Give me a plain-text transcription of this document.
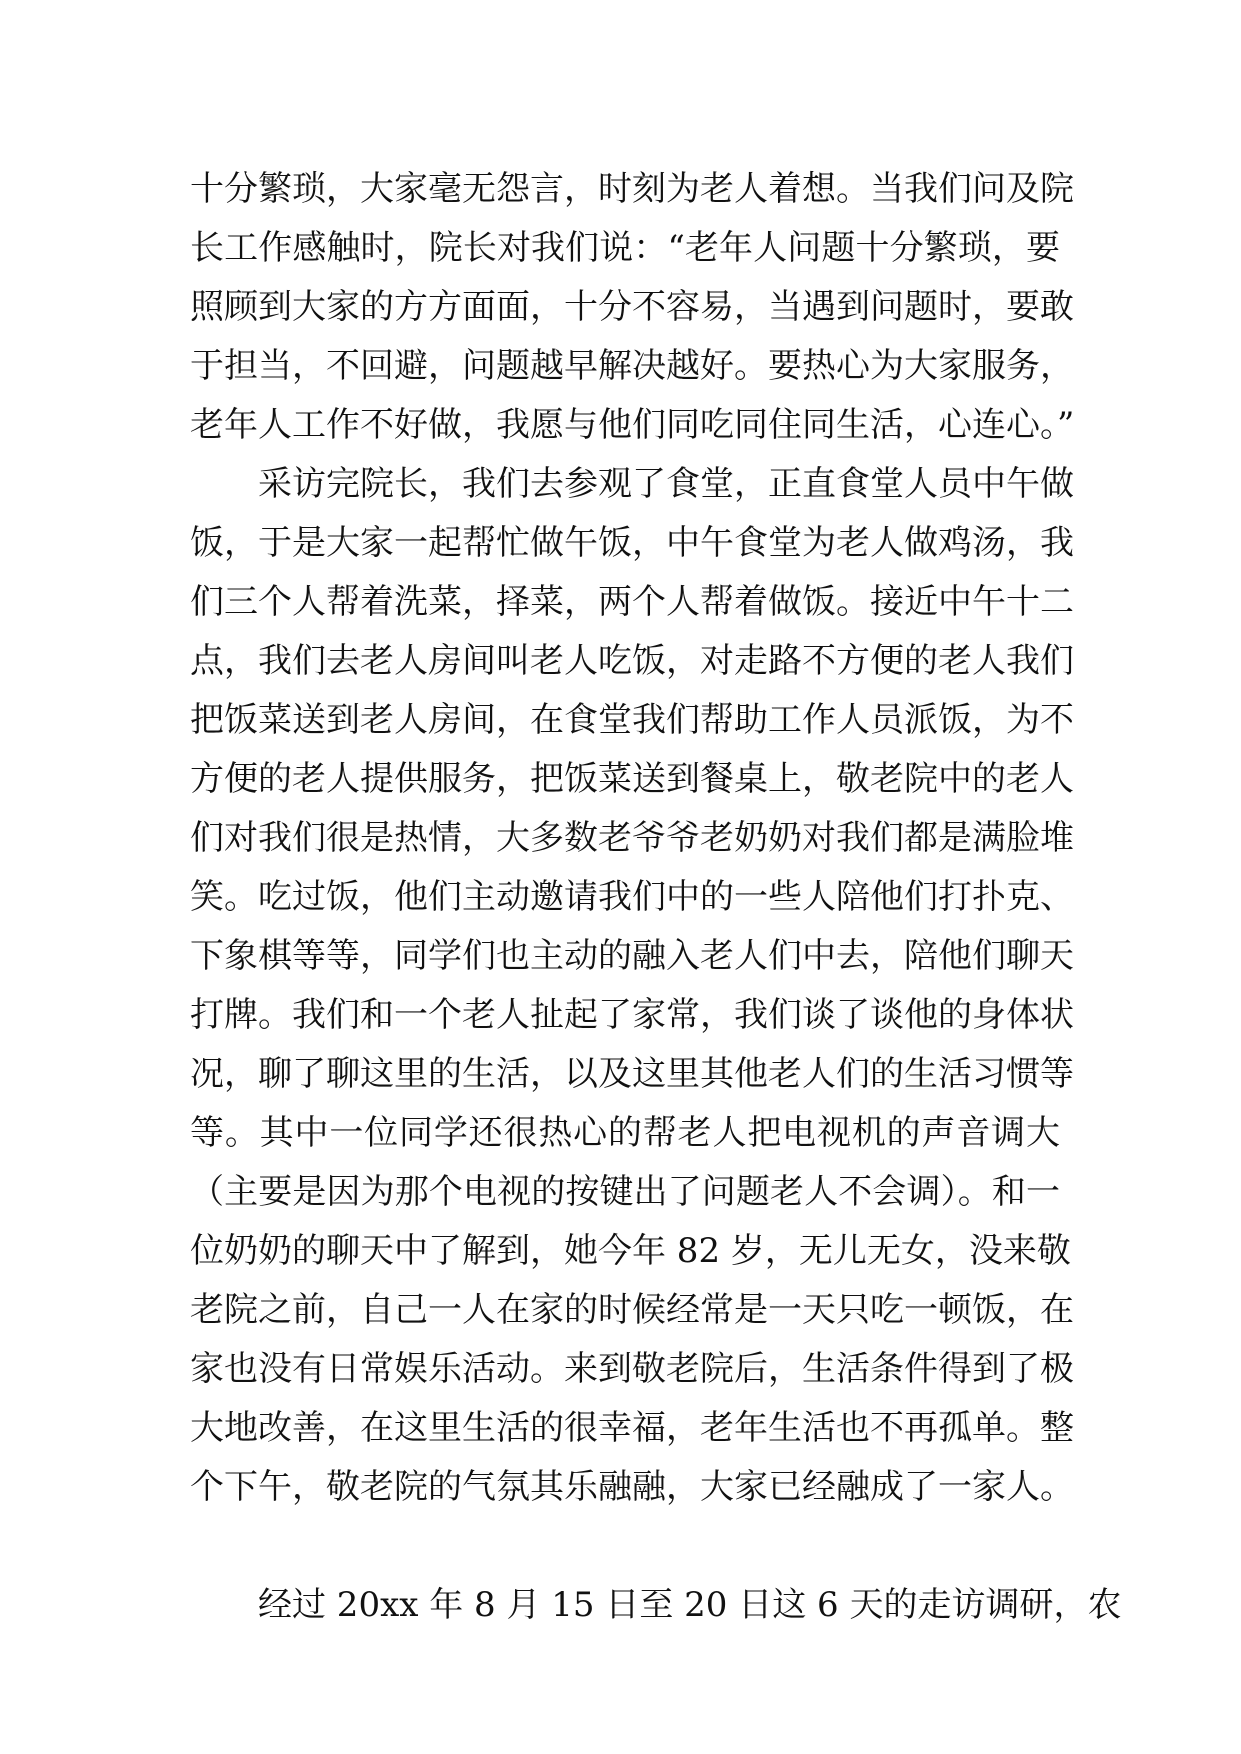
十分繁琐，大家毫无怨言，时刻为老人着想。当我们问及院
长工作感触时，院长对我们说：“老年人问题十分繁琐，要
照顾到大家的方方面面，十分不容易，当遇到问题时，要敢
于担当，不回避，问题越早解决越好。要热心为大家服务，
老年人工作不好做，我愿与他们同吃同住同生活，心连心。”
采访完院长，我们去参观了食堂，正直食堂人员中午做
饭，于是大家一起帮忙做午饭，中午食堂为老人做鸡汤，我
们三个人帮着洗菜，择菜，两个人帮着做饭。接近中午十二
点，我们去老人房间叫老人吃饭，对走路不方便的老人我们
把饭菜送到老人房间，在食堂我们帮助工作人员派饭，为不
方便的老人提供服务，把饭菜送到餐桌上，敬老院中的老人
们对我们很是热情，大多数老爷爷老奶奶对我们都是满脸堆
笑。吃过饭，他们主动邀请我们中的一些人陪他们打扑克、
下象棋等等，同学们也主动的融入老人们中去，陪他们聊天
打牌。我们和一个老人扯起了家常，我们谈了谈他的身体状
况，聊了聊这里的生活，以及这里其他老人们的生活习惯等
等。其中一位同学还很热心的帮老人把电视机的声音调大
（主要是因为那个电视的按键出了问题老人不会调）。和一
位奶奶的聊天中了解到，她今年 82 岁，无儿无女，没来敬
老院之前，自己一人在家的时候经常是一天只吃一顿饭，在
家也没有日常娱乐活动。来到敬老院后，生活条件得到了极
大地改善，在这里生活的很幸福，老年生活也不再孤单。整
个下午，敬老院的气氛其乐融融，大家已经融成了一家人。
经过 20xx 年 8 月 15 日至 20 日这 6 天的走访调研，农
